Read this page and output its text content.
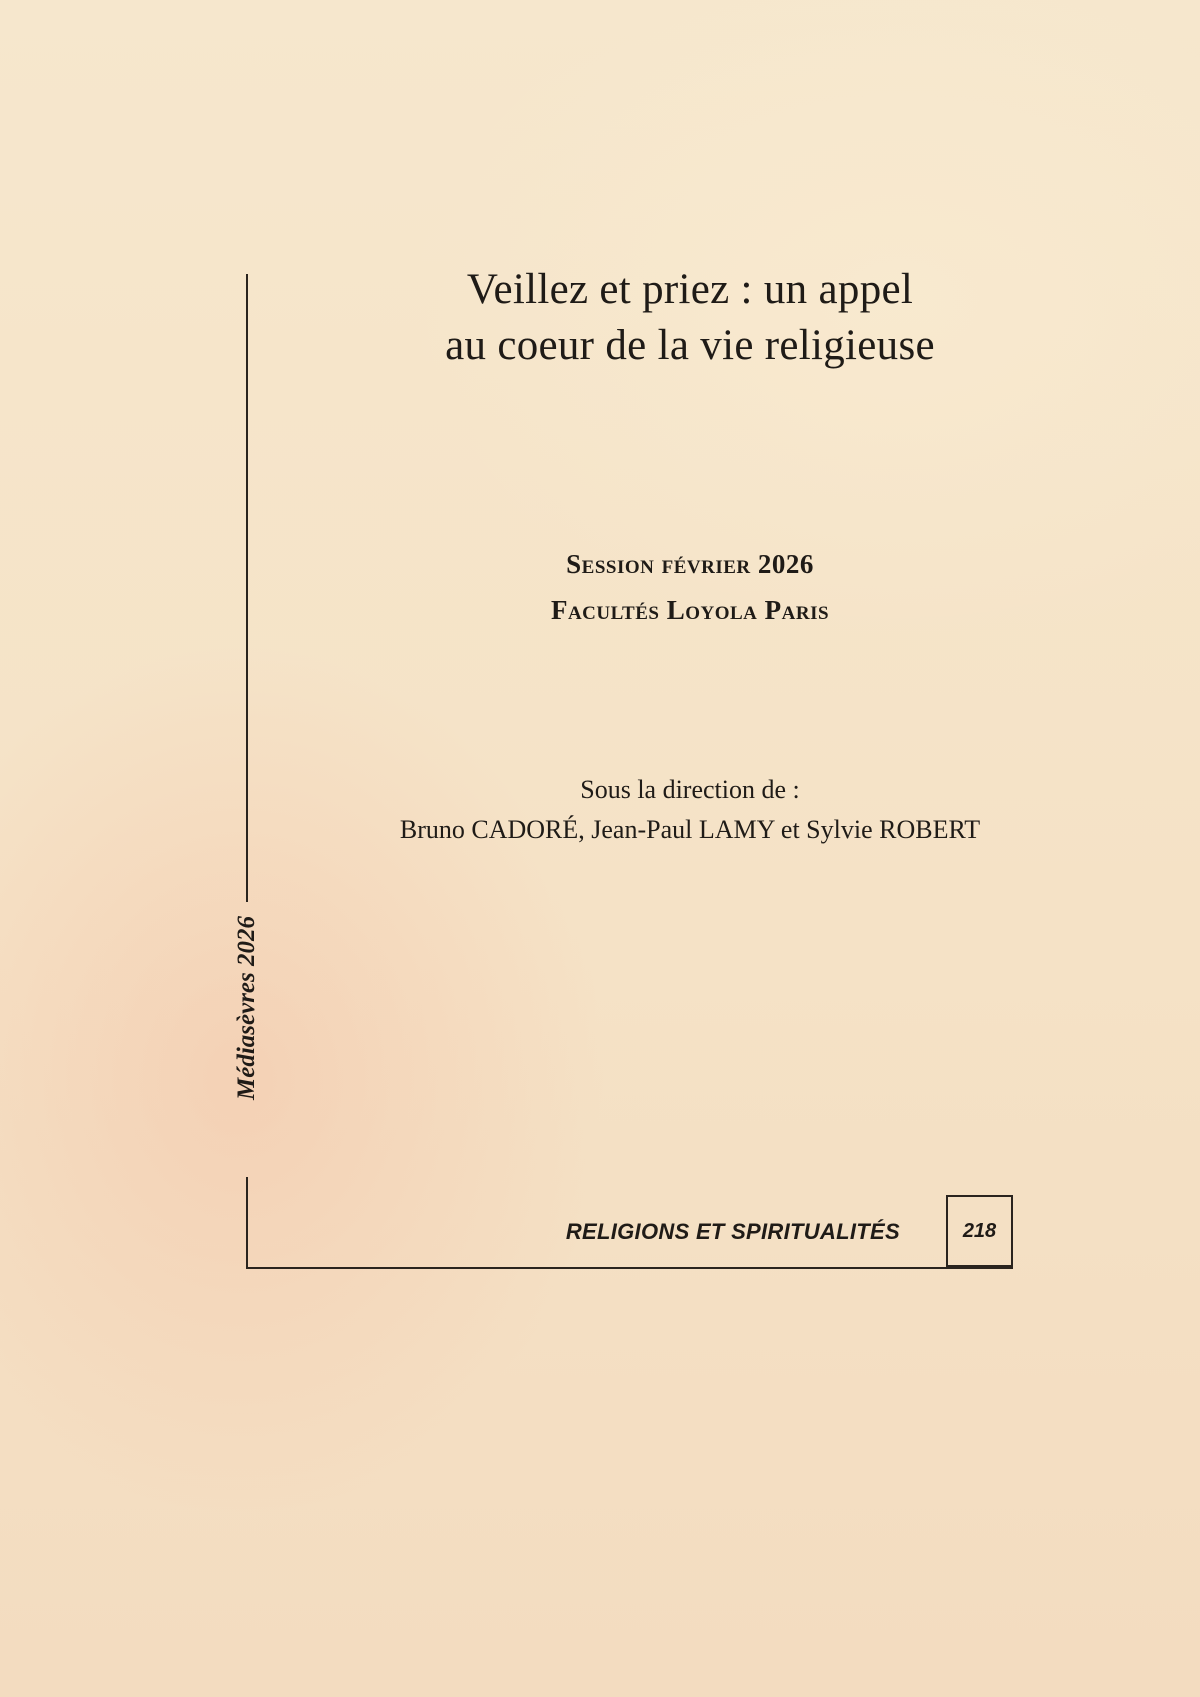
Veillez et priez : un appel
au coeur de la vie religieuse
Session février 2026
Facultés Loyola Paris
Sous la direction de :
Bruno CADORÉ, Jean-Paul LAMY et Sylvie ROBERT
Médiasèvres 2026
RELIGIONS ET SPIRITUALITÉS	218
